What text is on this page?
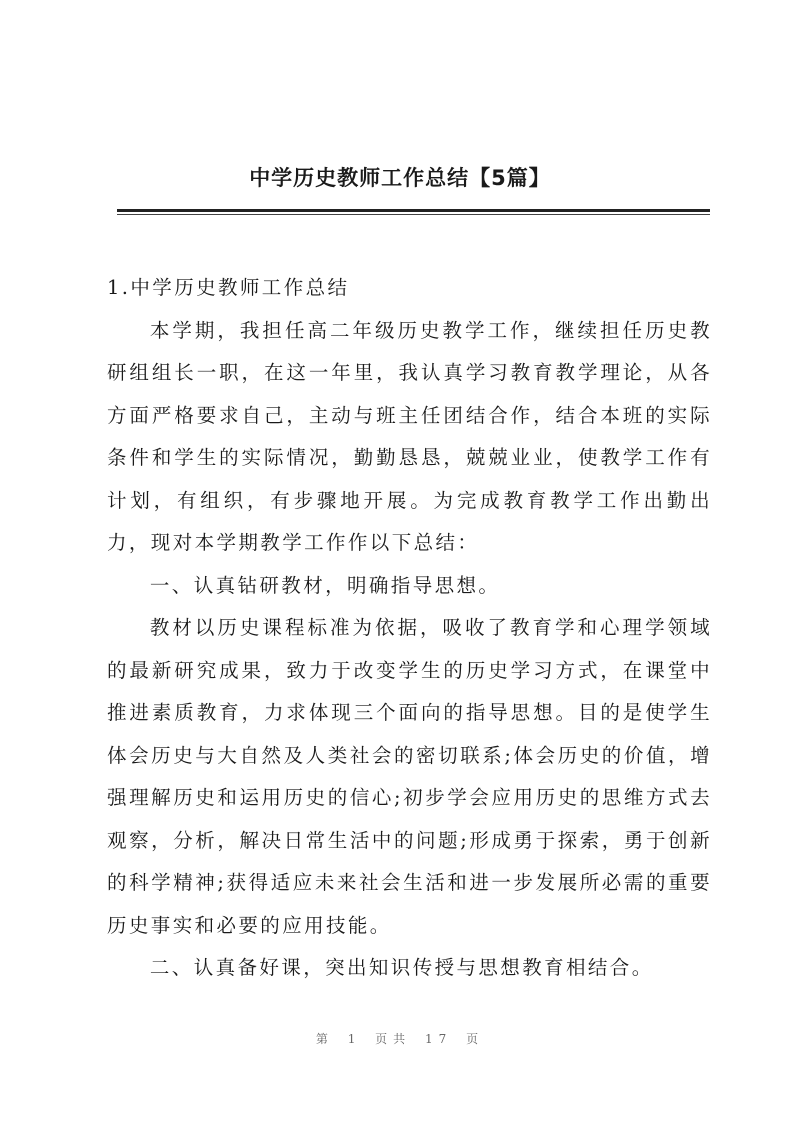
中学历史教师工作总结【5篇】

1.中学历史教师工作总结

本学期，我担任高二年级历史教学工作，继续担任历史教研组组长一职，在这一年里，我认真学习教育教学理论，从各方面严格要求自己，主动与班主任团结合作，结合本班的实际条件和学生的实际情况，勤勤恳恳，兢兢业业，使教学工作有计划，有组织，有步骤地开展。为完成教育教学工作出勤出力，现对本学期教学工作作以下总结：

一、认真钻研教材，明确指导思想。

教材以历史课程标准为依据，吸收了教育学和心理学领域的最新研究成果，致力于改变学生的历史学习方式，在课堂中推进素质教育，力求体现三个面向的指导思想。目的是使学生体会历史与大自然及人类社会的密切联系;体会历史的价值，增强理解历史和运用历史的信心;初步学会应用历史的思维方式去观察，分析，解决日常生活中的问题;形成勇于探索，勇于创新的科学精神;获得适应未来社会生活和进一步发展所必需的重要历史事实和必要的应用技能。

二、认真备好课，突出知识传授与思想教育相结合。

第 1 页共 17 页
